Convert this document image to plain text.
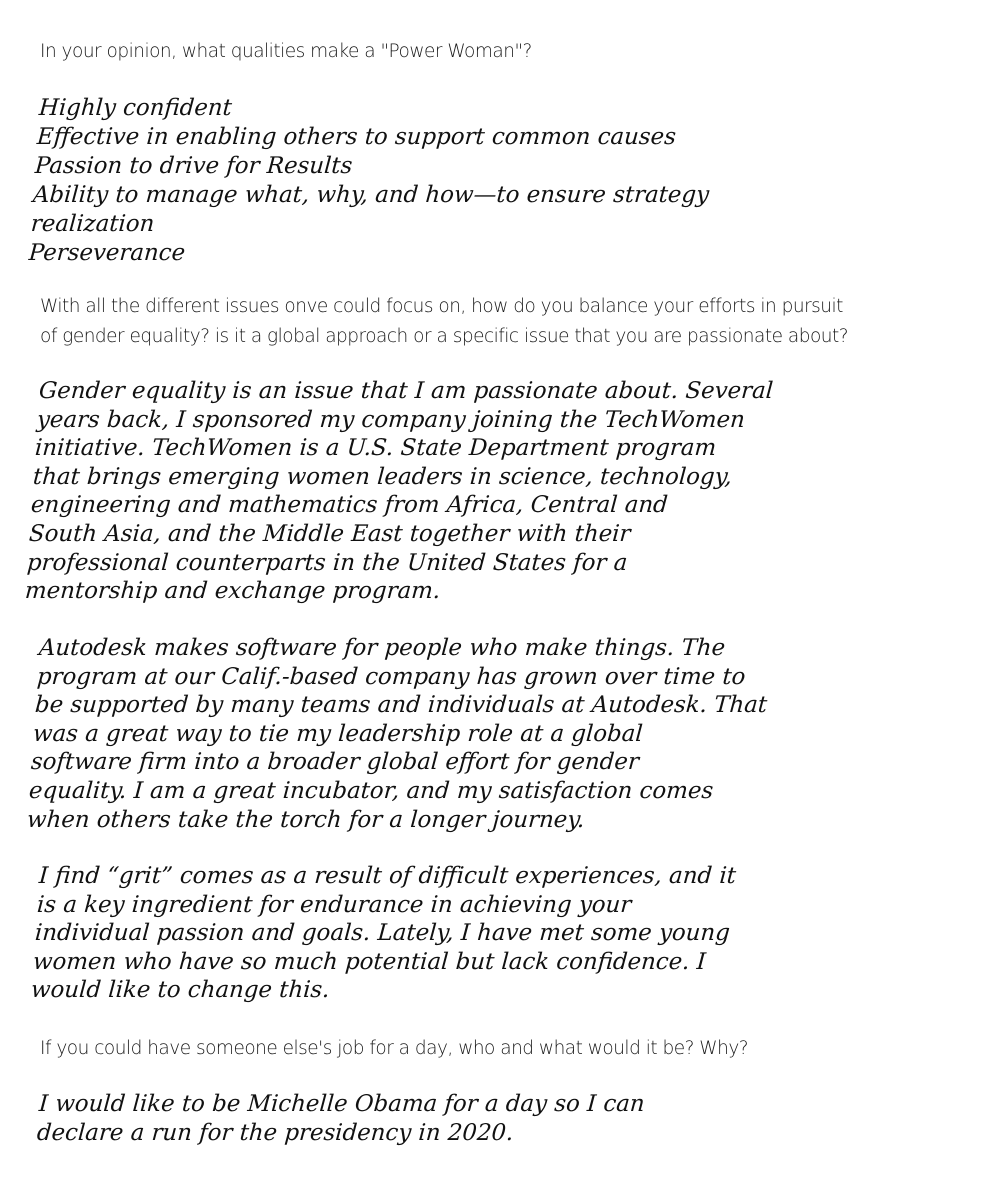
In your opinion, what qualities make a "Power Woman"?
Highly confident
Effective in enabling others to support common causes
Passion to drive for Results
Ability to manage what, why, and how—to ensure strategy
realization
Perseverance
With all the different issues onve could focus on, how do you balance your efforts in pursuit
of gender equality? is it a global approach or a specific issue that you are passionate about?
Gender equality is an issue that I am passionate about. Several
years back, I sponsored my company joining the TechWomen
initiative. TechWomen is a U.S. State Department program
that brings emerging women leaders in science, technology,
engineering and mathematics from Africa, Central and
South Asia, and the Middle East together with their
professional counterparts in the United States for a
mentorship and exchange program.
Autodesk makes software for people who make things. The
program at our Calif.-based company has grown over time to
be supported by many teams and individuals at Autodesk. That
was a great way to tie my leadership role at a global
software firm into a broader global effort for gender
equality. I am a great incubator, and my satisfaction comes
when others take the torch for a longer journey.
I find “grit” comes as a result of difficult experiences, and it
is a key ingredient for endurance in achieving your
individual passion and goals. Lately, I have met some young
women who have so much potential but lack confidence. I
would like to change this.
If you could have someone else's job for a day, who and what would it be? Why?
I would like to be Michelle Obama for a day so I can
declare a run for the presidency in 2020.
